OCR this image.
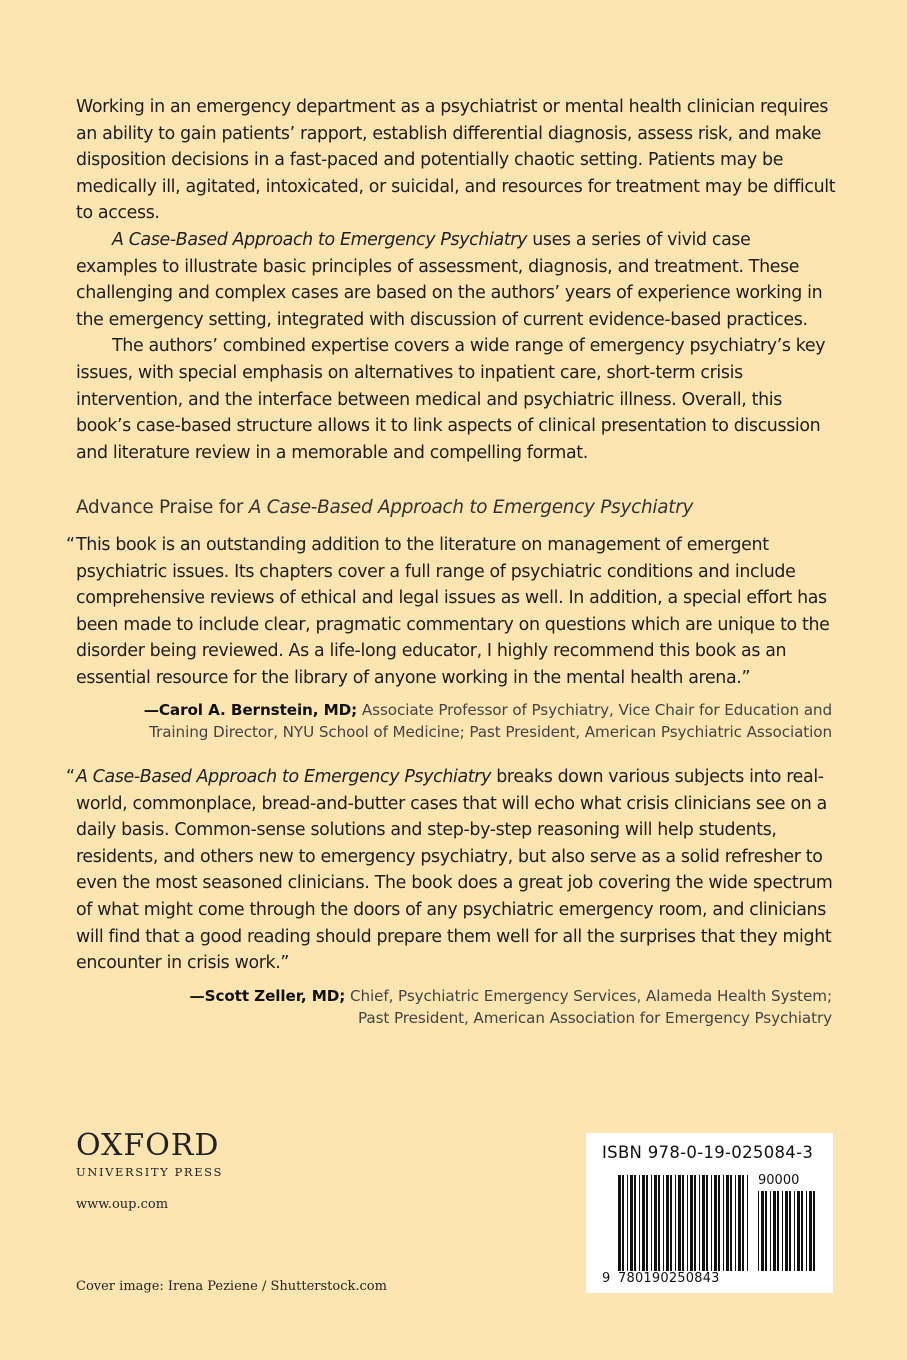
Working in an emergency department as a psychiatrist or mental health clinician requires an ability to gain patients’ rapport, establish differential diagnosis, assess risk, and make disposition decisions in a fast-paced and potentially chaotic setting. Patients may be medically ill, agitated, intoxicated, or suicidal, and resources for treatment may be difficult to access.

A Case-Based Approach to Emergency Psychiatry uses a series of vivid case examples to illustrate basic principles of assessment, diagnosis, and treatment. These challenging and complex cases are based on the authors’ years of experience working in the emergency setting, integrated with discussion of current evidence-based practices.

The authors’ combined expertise covers a wide range of emergency psychiatry’s key issues, with special emphasis on alternatives to inpatient care, short-term crisis intervention, and the interface between medical and psychiatric illness. Overall, this book’s case-based structure allows it to link aspects of clinical presentation to discussion and literature review in a memorable and compelling format.

Advance Praise for A Case-Based Approach to Emergency Psychiatry
“ This book is an outstanding addition to the literature on management of emergent psychiatric issues. Its chapters cover a full range of psychiatric conditions and include comprehensive reviews of ethical and legal issues as well. In addition, a special effort has been made to include clear, pragmatic commentary on questions which are unique to the disorder being reviewed. As a life-long educator, I highly recommend this book as an essential resource for the library of anyone working in the mental health arena.”
—Carol A. Bernstein, MD; Associate Professor of Psychiatry, Vice Chair for Education and
Training Director, NYU School of Medicine; Past President, American Psychiatric Association
“ A Case-Based Approach to Emergency Psychiatry breaks down various subjects into real-world, commonplace, bread-and-butter cases that will echo what crisis clinicians see on a daily basis. Common-sense solutions and step-by-step reasoning will help students, residents, and others new to emergency psychiatry, but also serve as a solid refresher to even the most seasoned clinicians. The book does a great job covering the wide spectrum of what might come through the doors of any psychiatric emergency room, and clinicians will find that a good reading should prepare them well for all the surprises that they might encounter in crisis work.”
—Scott Zeller, MD; Chief, Psychiatric Emergency Services, Alameda Health System;
Past President, American Association for Emergency Psychiatry
OXFORD
UNIVERSITY PRESS
www.oup.com
Cover image: Irena Peziene / Shutterstock.com
ISBN 978-0-19-025084-3
90000
9 780190250843
